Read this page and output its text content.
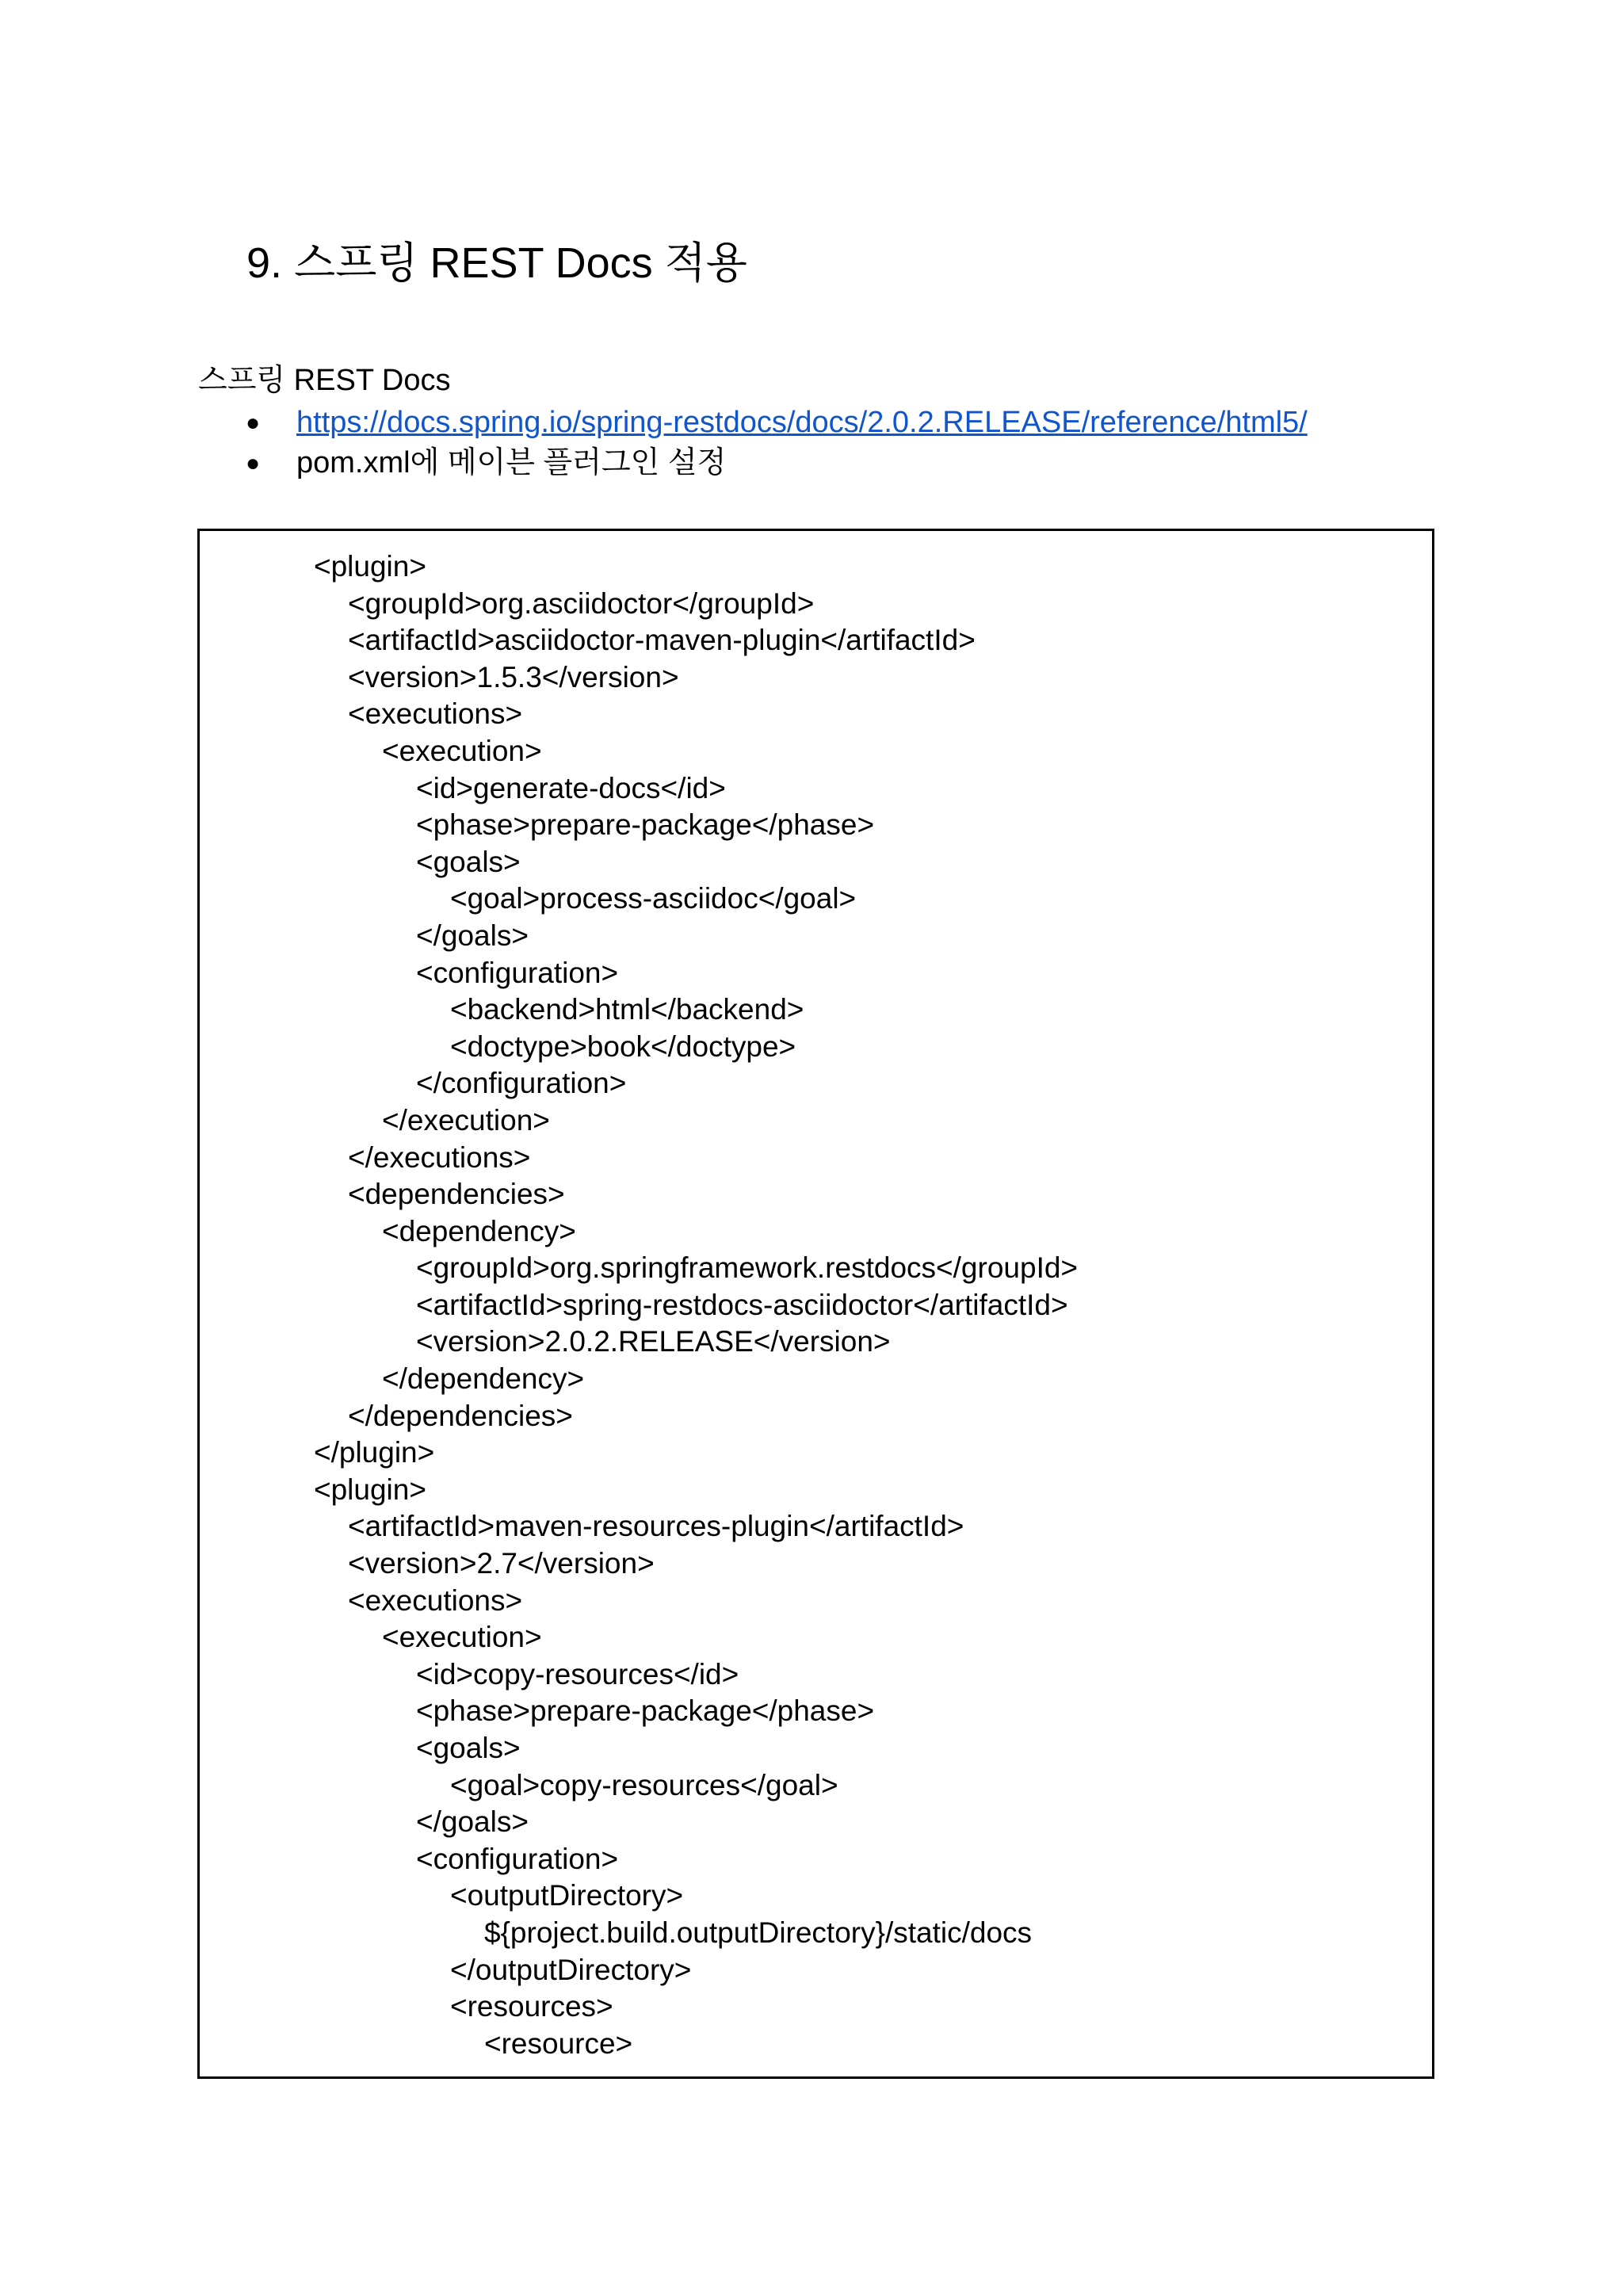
9. 스프링 REST Docs 적용

스프링 REST Docs

● https://docs.spring.io/spring-restdocs/docs/2.0.2.RELEASE/reference/html5/
● pom.xml에 메이븐 플러그인 설정
<plugin>
<groupId>org.asciidoctor</groupId>
<artifactId>asciidoctor-maven-plugin</artifactId>
<version>1.5.3</version>
<executions>
<execution>
<id>generate-docs</id>
<phase>prepare-package</phase>
<goals>
<goal>process-asciidoc</goal>
</goals>
<configuration>
<backend>html</backend>
<doctype>book</doctype>
</configuration>
</execution>
</executions>
<dependencies>
<dependency>
<groupId>org.springframework.restdocs</groupId>
<artifactId>spring-restdocs-asciidoctor</artifactId>
<version>2.0.2.RELEASE</version>
</dependency>
</dependencies>
</plugin>
<plugin>
<artifactId>maven-resources-plugin</artifactId>
<version>2.7</version>
<executions>
<execution>
<id>copy-resources</id>
<phase>prepare-package</phase>
<goals>
<goal>copy-resources</goal>
</goals>
<configuration>
<outputDirectory>
${project.build.outputDirectory}/static/docs
</outputDirectory>
<resources>
<resource>
